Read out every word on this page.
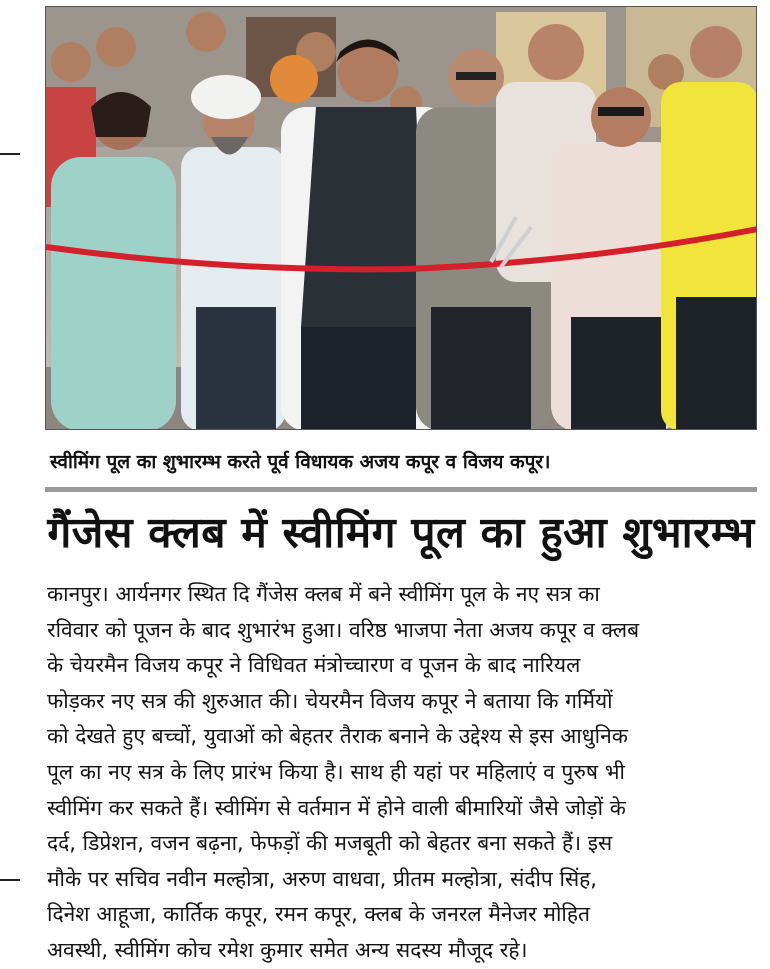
स्वीमिंग पूल का शुभारम्भ करते पूर्व विधायक अजय कपूर व विजय कपूर।
गैंजेस क्लब में स्वीमिंग पूल का हुआ शुभारम्भ
कानपुर। आर्यनगर स्थित दि गैंजेस क्लब में बने स्वीमिंग पूल के नए सत्र का
रविवार को पूजन के बाद शुभारंभ हुआ। वरिष्ठ भाजपा नेता अजय कपूर व क्लब
के चेयरमैन विजय कपूर ने विधिवत मंत्रोच्चारण व पूजन के बाद नारियल
फोड़कर नए सत्र की शुरुआत की। चेयरमैन विजय कपूर ने बताया कि गर्मियों
को देखते हुए बच्चों, युवाओं को बेहतर तैराक बनाने के उद्देश्य से इस आधुनिक
पूल का नए सत्र के लिए प्रारंभ किया है। साथ ही यहां पर महिलाएं व पुरुष भी
स्वीमिंग कर सकते हैं। स्वीमिंग से वर्तमान में होने वाली बीमारियों जैसे जोड़ों के
दर्द, डिप्रेशन, वजन बढ़ना, फेफड़ों की मजबूती को बेहतर बना सकते हैं। इस
मौके पर सचिव नवीन मल्होत्रा, अरुण वाधवा, प्रीतम मल्होत्रा, संदीप सिंह,
दिनेश आहूजा, कार्तिक कपूर, रमन कपूर, क्लब के जनरल मैनेजर मोहित
अवस्थी, स्वीमिंग कोच रमेश कुमार समेत अन्य सदस्य मौजूद रहे।
